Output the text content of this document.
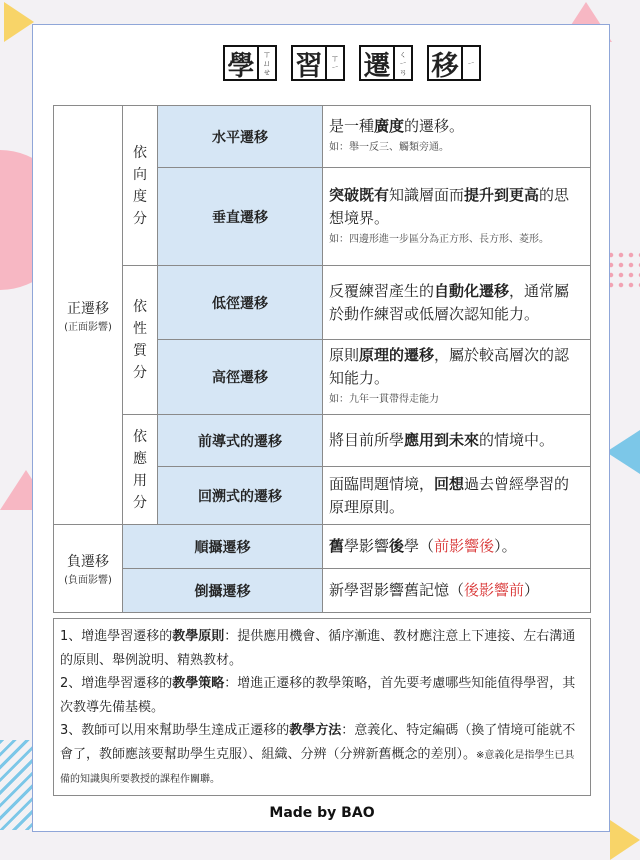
學	ㄒ
ㄩ
ㄝ 習	ㄒ
ㄧ 遷	ㄑ
ㄧ
ㄢ 移	ㄧ
正遷移
(正面影響)	依向度分	水平遷移	是一種廣度的遷移。
如：舉一反三、觸類旁通。

		垂直遷移	突破既有知識層面而提升到更高的思想境界。
如：四邊形進一步區分為正方形、長方形、菱形。

	依性質分	低徑遷移	反覆練習產生的自動化遷移，通常屬於動作練習或低層次認知能力。
		高徑遷移	原則原理的遷移，屬於較高層次的認知能力。
如：九年一貫帶得走能力

	依應用分	前導式的遷移	將目前所學應用到未來的情境中。
		回溯式的遷移	面臨問題情境，回想過去曾經學習的原理原則。
負遷移
(負面影響)	順攝遷移		舊學影響後學（前影響後）。
	倒攝遷移		新學習影響舊記憶（後影響前）
1、增進學習遷移的教學原則：提供應用機會、循序漸進、教材應注意上下連接、左右溝通的原則、舉例說明、精熟教材。
2、增進學習遷移的教學策略：增進正遷移的教學策略，首先要考慮哪些知能值得學習，其次教導先備基模。
3、教師可以用來幫助學生達成正遷移的教學方法：意義化、特定編碼（換了情境可能就不會了，教師應該要幫助學生克服）、組織、分辨（分辨新舊概念的差別）。※意義化是指學生已具備的知識與所要教授的課程作關聯。
Made by BAO
